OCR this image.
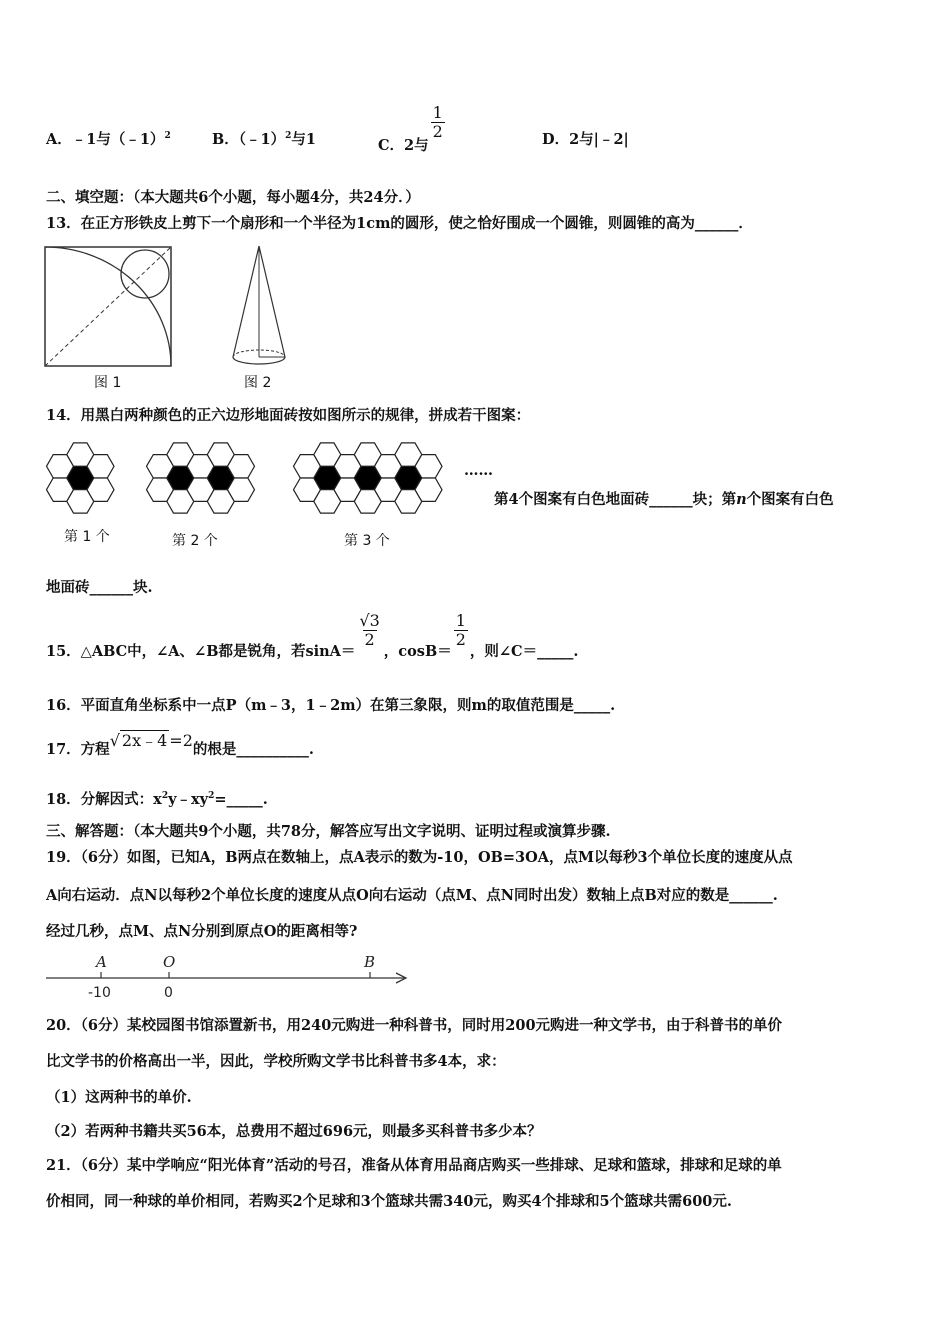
A．﹣1与（﹣1）$^2$	B．（﹣1）$^2$与1	C．2与
$\frac{1}{2}$	D．2与|﹣2|
二、填空题：（本大题共6个小题，每小题4分，共24分．）
13．在正方形铁皮上剪下一个扇形和一个半径为1cm的圆形，使之恰好围成一个圆锥，则圆锥的高为______．
图 1	图 2
14．用黑白两种颜色的正六边形地面砖按如图所示的规律，拼成若干图案：
第 1 个	第 2 个	第 3 个
……
第4个图案有白色地面砖______块；第n个图案有白色
地面砖______块.
15．△ABC中，∠A、∠B都是锐角，若sinA＝
$\frac{√3}{2}$
，cosB＝
$\frac{1}{2}$
，则∠C＝_____.
16．平面直角坐标系中一点P（m﹣3，1﹣2m）在第三象限，则m的取值范围是_____.
17．方程√ 2x﹣4 =2的根是__________.
18．分解因式：$x^2y﹣xy^2=\_\_\_\_\_$.
三、解答题：（本大题共9个小题，共78分，解答应写出文字说明、证明过程或演算步骤.
19．（6分）如图，已知A，B两点在数轴上，点A表示的数为-10，OB=3OA，点M以每秒3个单位长度的速度从点
A向右运动．点N以每秒2个单位长度的速度从点O向右运动（点M、点N同时出发）数轴上点B对应的数是______.
经过几秒，点M、点N分别到原点O的距离相等?
A	O	B
-10	0
20．（6分）某校园图书馆添置新书，用240元购进一种科普书，同时用200元购进一种文学书，由于科普书的单价
比文学书的价格高出一半，因此，学校所购文学书比科普书多4本，求：
（1）这两种书的单价.
（2）若两种书籍共买56本，总费用不超过696元，则最多买科普书多少本？
21．（6分）某中学响应“阳光体育”活动的号召，准备从体育用品商店购买一些排球、足球和篮球，排球和足球的单
价相同，同一种球的单价相同，若购买2个足球和3个篮球共需340元，购买4个排球和5个篮球共需600元.
